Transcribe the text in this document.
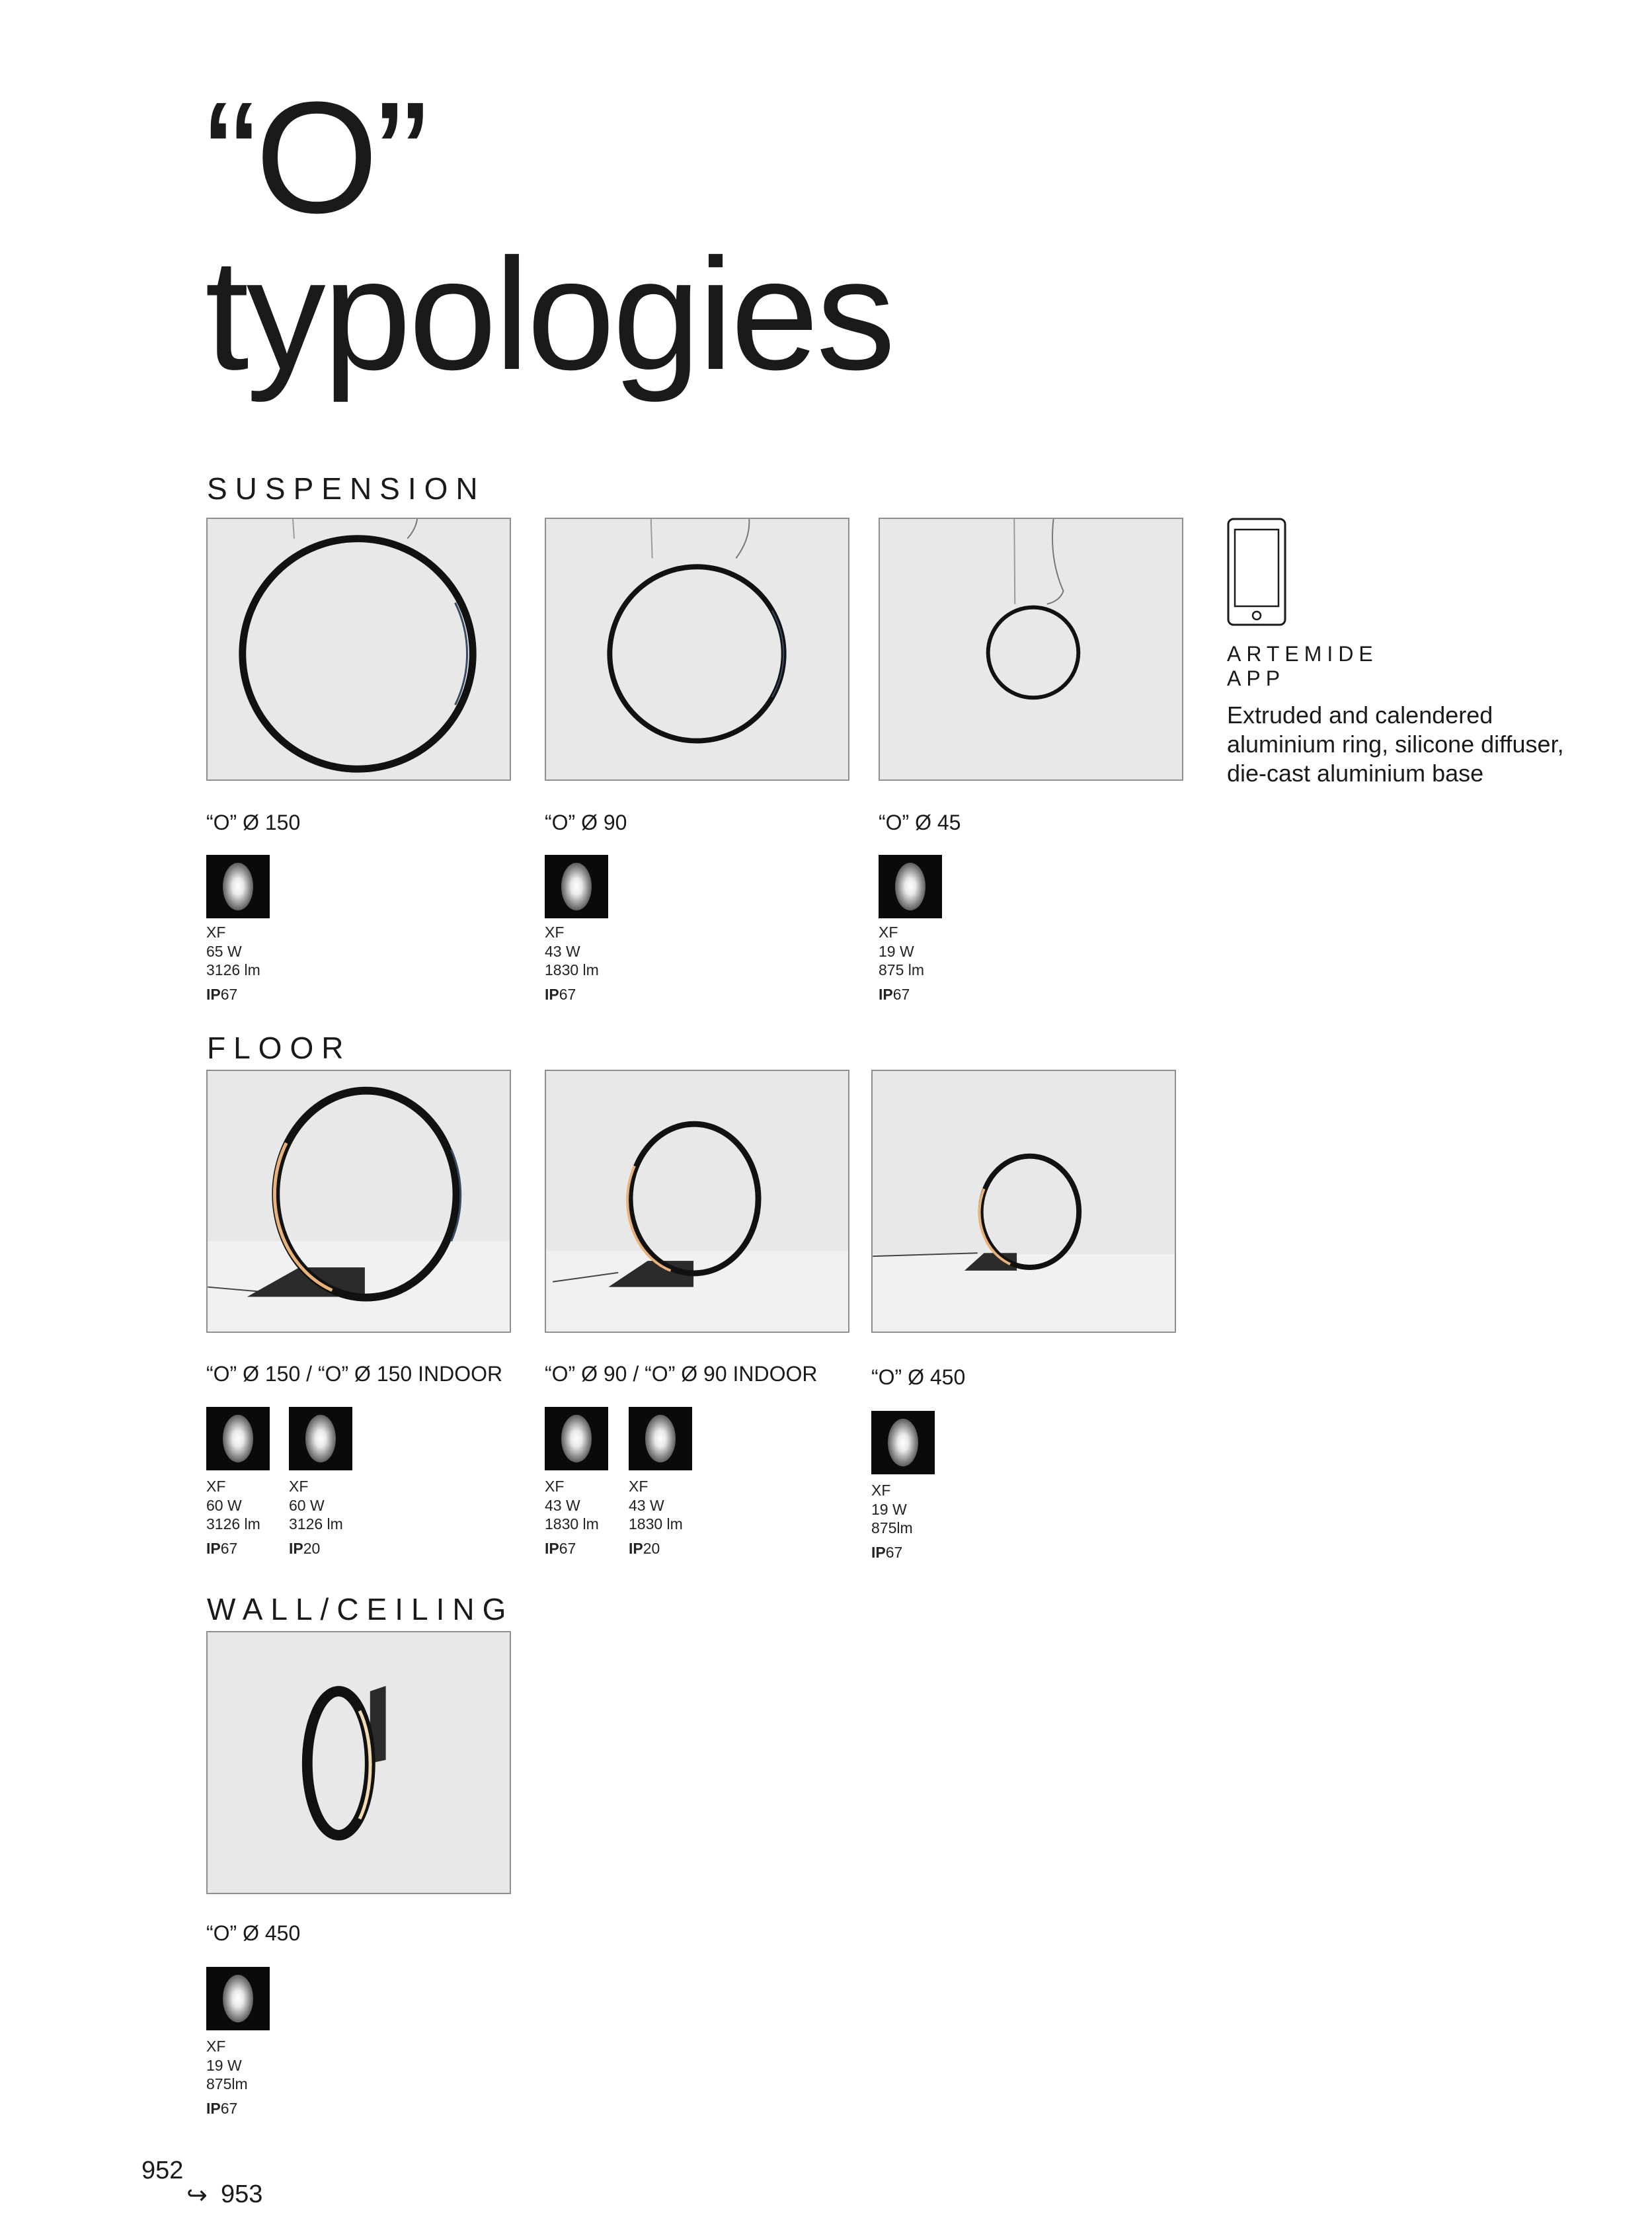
“O”
typologies
SUSPENSION
ARTEMIDE
APP
Extruded and calendered aluminium ring, silicone diffuser, die-cast aluminium base
“O” Ø 150	“O” Ø 90	“O” Ø 45
XF
65 W
3126 lm
IP67
XF
43 W
1830 lm
IP67
XF
19 W
875 lm
IP67
FLOOR
“O” Ø 150 / “O” Ø 150 INDOOR “O” Ø 90 / “O” Ø 90 INDOOR	“O” Ø 450
XF
60 W
3126 lm
IP67
XF
60 W
3126 lm
IP20
XF
43 W
1830 lm
IP67
XF
43 W
1830 lm
IP20
XF
19 W
875lm
IP67
WALL/CEILING
“O” Ø 450
XF
19 W
875lm
IP67
952
↪ 953
